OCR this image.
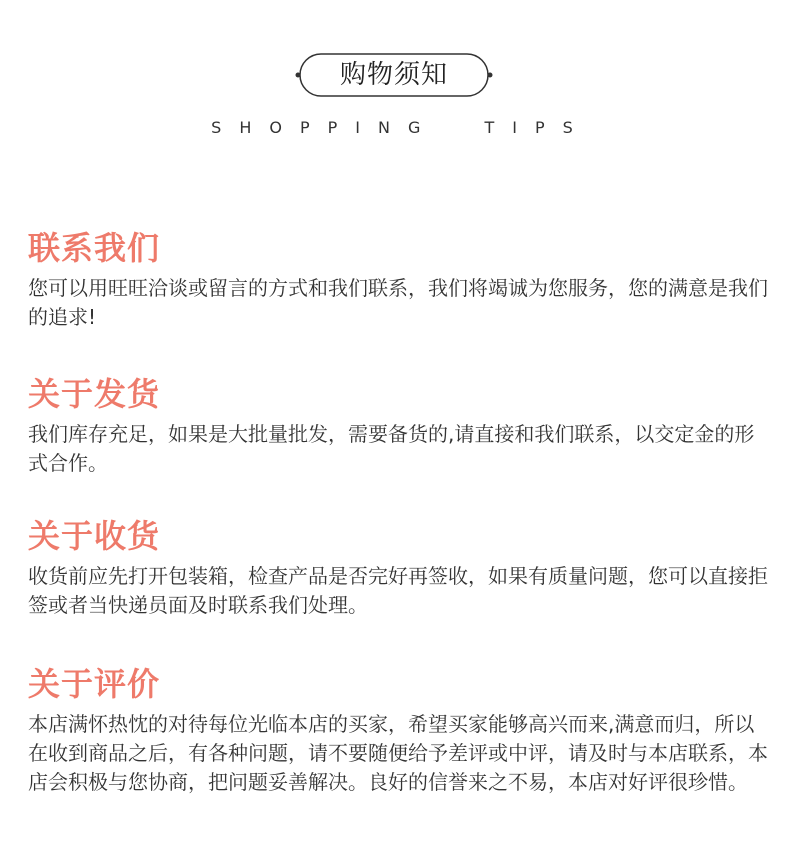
购物须知
SHOPPING  TIPS
联系我们

您可以用旺旺洽谈或留言的方式和我们联系，我们将竭诚为您服务，您的满意是我们的追求!

关于发货

我们库存充足，如果是大批量批发，需要备货的,请直接和我们联系，以交定金的形式合作。

关于收货

收货前应先打开包装箱，检查产品是否完好再签收，如果有质量问题，您可以直接拒签或者当快递员面及时联系我们处理。

关于评价

本店满怀热忱的对待每位光临本店的买家，希望买家能够高兴而来,满意而归，所以在收到商品之后，有各种问题，请不要随便给予差评或中评，请及时与本店联系，本店会积极与您协商，把问题妥善解决。良好的信誉来之不易，本店对好评很珍惜。
